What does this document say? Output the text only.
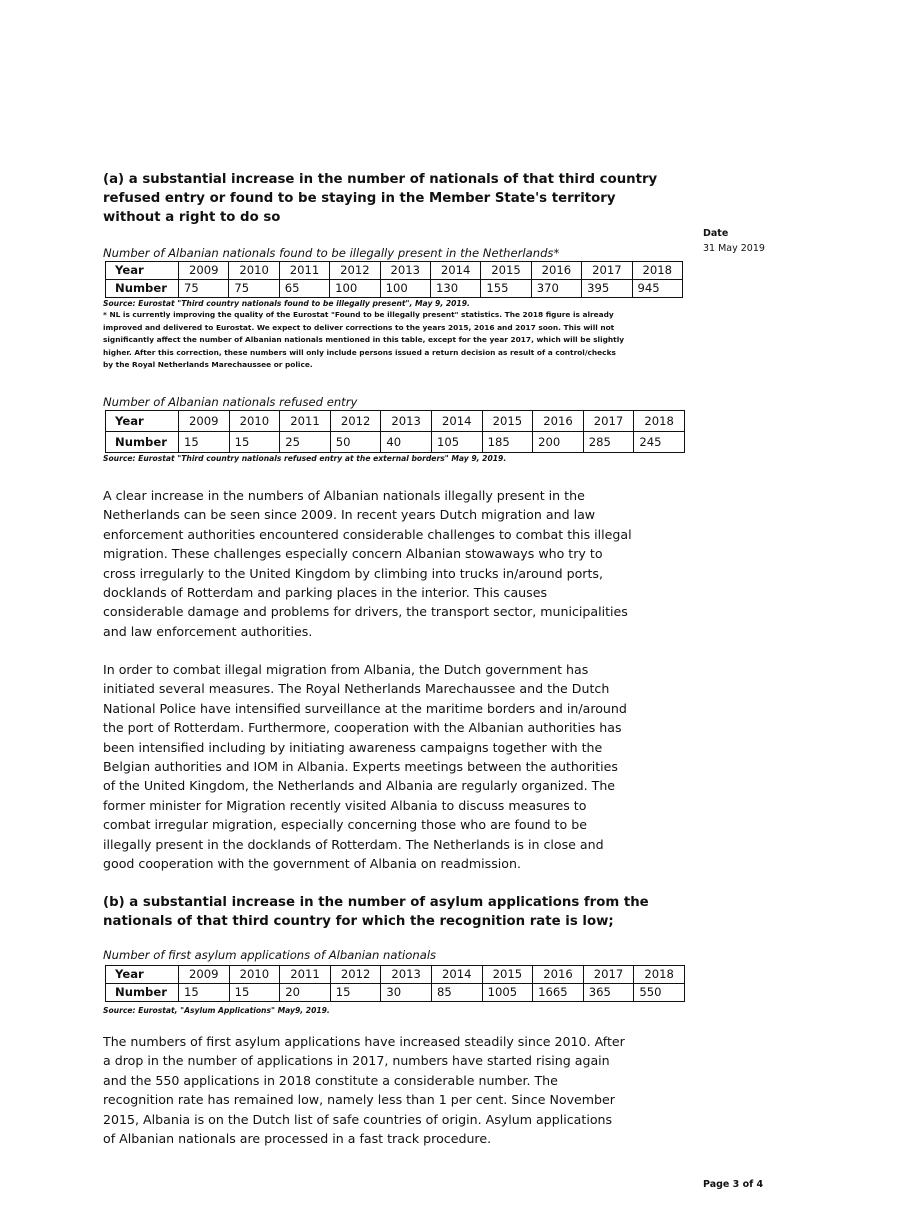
(a) a substantial increase in the number of nationals of that third country
refused entry or found to be staying in the Member State's territory
without a right to do so
Date
31 May 2019
Number of Albanian nationals found to be illegally present in the Netherlands*
Year	2009	2010	2011	2012	2013	2014	2015	2016	2017	2018
Number	75	75	65	100	100	130	155	370	395	945
Source: Eurostat "Third country nationals found to be illegally present", May 9, 2019.
* NL is currently improving the quality of the Eurostat "Found to be illegally present" statistics. The 2018 figure is already
improved and delivered to Eurostat. We expect to deliver corrections to the years 2015, 2016 and 2017 soon. This will not
significantly affect the number of Albanian nationals mentioned in this table, except for the year 2017, which will be slightly
higher. After this correction, these numbers will only include persons issued a return decision as result of a control/checks
by the Royal Netherlands Marechaussee or police.
Number of Albanian nationals refused entry
Year	2009	2010	2011	2012	2013	2014	2015	2016	2017	2018
Number	15	15	25	50	40	105	185	200	285	245
Source: Eurostat "Third country nationals refused entry at the external borders" May 9, 2019.
A clear increase in the numbers of Albanian nationals illegally present in the
Netherlands can be seen since 2009. In recent years Dutch migration and law
enforcement authorities encountered considerable challenges to combat this illegal
migration. These challenges especially concern Albanian stowaways who try to
cross irregularly to the United Kingdom by climbing into trucks in/around ports,
docklands of Rotterdam and parking places in the interior. This causes
considerable damage and problems for drivers, the transport sector, municipalities
and law enforcement authorities.
In order to combat illegal migration from Albania, the Dutch government has
initiated several measures. The Royal Netherlands Marechaussee and the Dutch
National Police have intensified surveillance at the maritime borders and in/around
the port of Rotterdam. Furthermore, cooperation with the Albanian authorities has
been intensified including by initiating awareness campaigns together with the
Belgian authorities and IOM in Albania. Experts meetings between the authorities
of the United Kingdom, the Netherlands and Albania are regularly organized. The
former minister for Migration recently visited Albania to discuss measures to
combat irregular migration, especially concerning those who are found to be
illegally present in the docklands of Rotterdam. The Netherlands is in close and
good cooperation with the government of Albania on readmission.
(b) a substantial increase in the number of asylum applications from the
nationals of that third country for which the recognition rate is low;
Number of first asylum applications of Albanian nationals
Year	2009	2010	2011	2012	2013	2014	2015	2016	2017	2018
Number	15	15	20	15	30	85	1005	1665	365	550
Source: Eurostat, "Asylum Applications" May9, 2019.
The numbers of first asylum applications have increased steadily since 2010. After
a drop in the number of applications in 2017, numbers have started rising again
and the 550 applications in 2018 constitute a considerable number. The
recognition rate has remained low, namely less than 1 per cent. Since November
2015, Albania is on the Dutch list of safe countries of origin. Asylum applications
of Albanian nationals are processed in a fast track procedure.
Page 3 of 4
